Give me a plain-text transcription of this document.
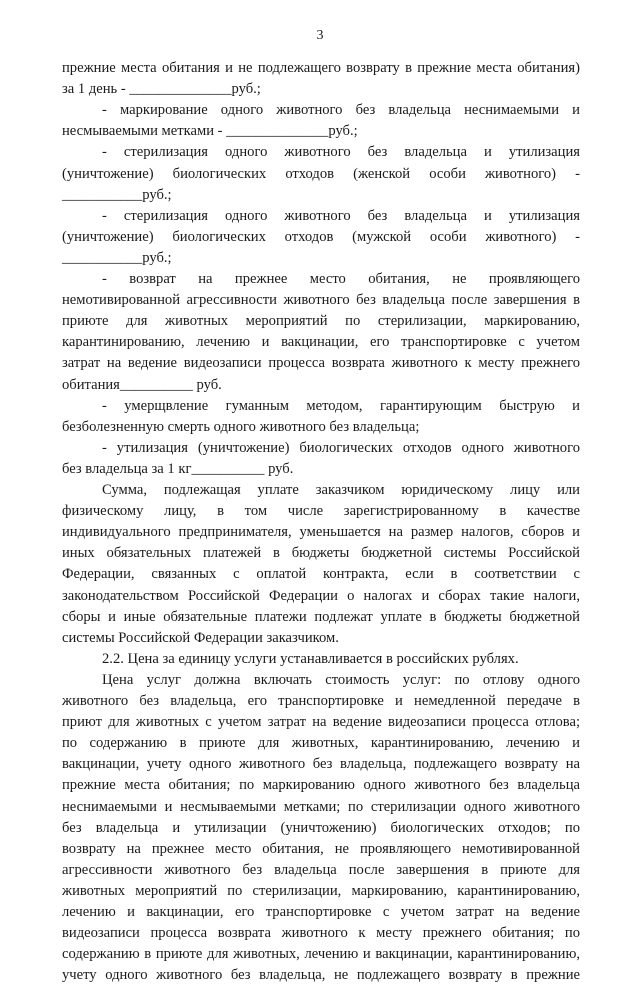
3
прежние места обитания и не подлежащего возврату в прежние места обитания)
за 1 день - ______________руб.;
- маркирование одного животного без владельца неснимаемыми и
несмываемыми метками - ______________руб.;
- стерилизация одного животного без владельца и утилизация
(уничтожение) биологических отходов (женской особи животного) -
___________руб.;
- стерилизация одного животного без владельца и утилизация
(уничтожение) биологических отходов (мужской особи животного) -
___________руб.;
- возврат на прежнее место обитания, не проявляющего
немотивированной агрессивности животного без владельца после завершения в
приюте для животных мероприятий по стерилизации, маркированию,
карантинированию, лечению и вакцинации, его транспортировке с учетом
затрат на ведение видеозаписи процесса возврата животного к месту прежнего
обитания__________ руб.
- умерщвление гуманным методом, гарантирующим быструю и
безболезненную смерть одного животного без владельца;
- утилизация (уничтожение) биологических отходов одного животного
без владельца за 1 кг__________ руб.
Сумма, подлежащая уплате заказчиком юридическому лицу или
физическому лицу, в том числе зарегистрированному в качестве
индивидуального предпринимателя, уменьшается на размер налогов, сборов и
иных обязательных платежей в бюджеты бюджетной системы Российской
Федерации, связанных с оплатой контракта, если в соответствии с
законодательством Российской Федерации о налогах и сборах такие налоги,
сборы и иные обязательные платежи подлежат уплате в бюджеты бюджетной
системы Российской Федерации заказчиком.
2.2. Цена за единицу услуги устанавливается в российских рублях.
Цена услуг должна включать стоимость услуг: по отлову одного
животного без владельца, его транспортировке и немедленной передаче в
приют для животных с учетом затрат на ведение видеозаписи процесса отлова;
по содержанию в приюте для животных, карантинированию, лечению и
вакцинации, учету одного животного без владельца, подлежащего возврату на
прежние места обитания; по маркированию одного животного без владельца
неснимаемыми и несмываемыми метками; по стерилизации одного животного
без владельца и утилизации (уничтожению) биологических отходов; по
возврату на прежнее место обитания, не проявляющего немотивированной
агрессивности животного без владельца после завершения в приюте для
животных мероприятий по стерилизации, маркированию, карантинированию,
лечению и вакцинации, его транспортировке с учетом затрат на ведение
видеозаписи процесса возврата животного к месту прежнего обитания; по
содержанию в приюте для животных, лечению и вакцинации, карантинированию,
учету одного животного без владельца, не подлежащего возврату в прежние
